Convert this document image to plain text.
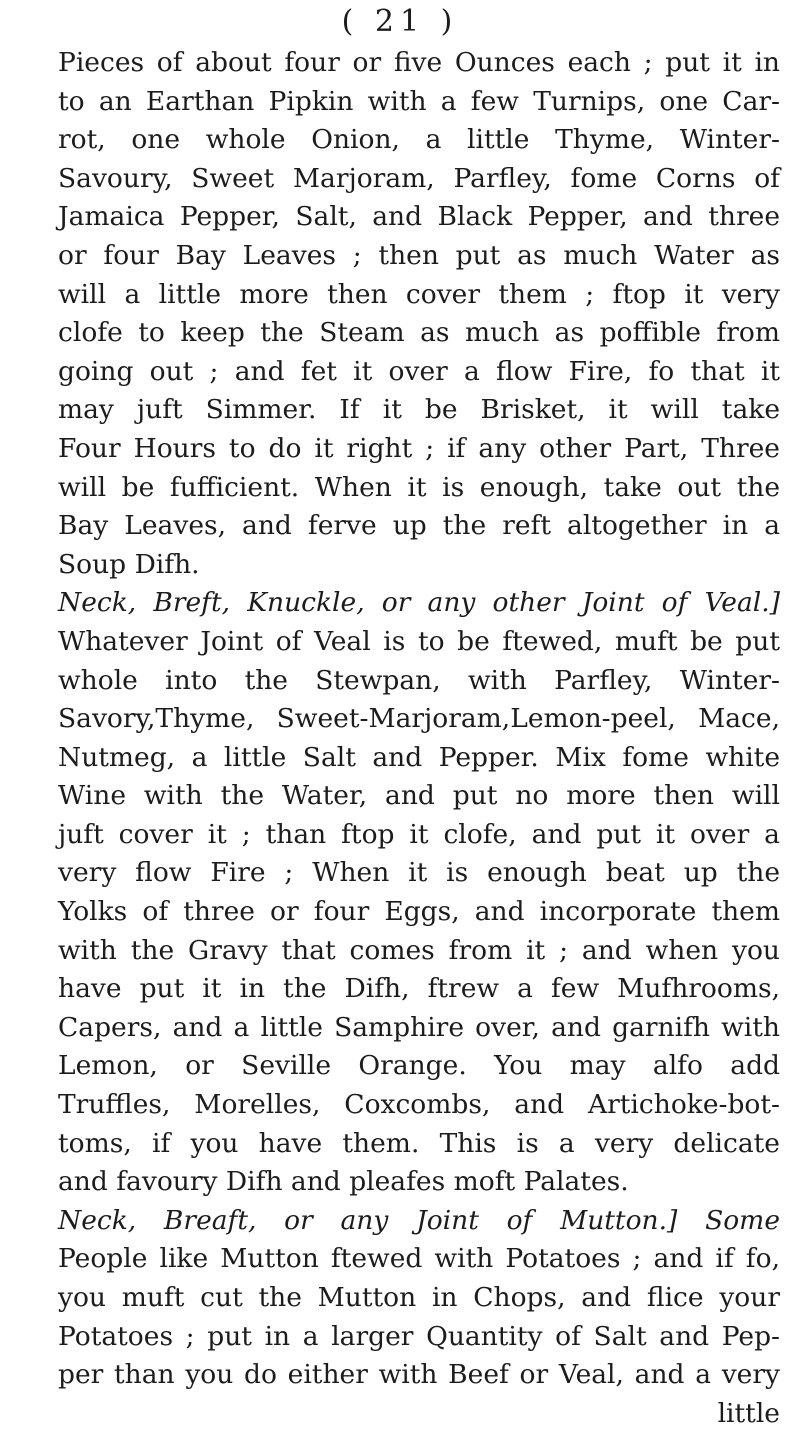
( 21 )
Pieces of about four or five Ounces each ; put it in
to an Earthan Pipkin with a few Turnips, one Car-
rot, one whole Onion, a little Thyme, Winter-
Savoury, Sweet Marjoram, Parfley, fome Corns of
Jamaica Pepper, Salt, and Black Pepper, and three
or four Bay Leaves ; then put as much Water as
will a little more then cover them ; ftop it very
clofe to keep the Steam as much as poffible from
going out ; and fet it over a flow Fire, fo that it
may juft Simmer. If it be Brisket, it will take
Four Hours to do it right ; if any other Part, Three
will be fufficient. When it is enough, take out the
Bay Leaves, and ferve up the reft altogether in a
Soup Difh.
Neck, Breft, Knuckle, or any other Joint of Veal.]
Whatever Joint of Veal is to be ftewed, muft be put
whole into the Stewpan, with Parfley, Winter-
Savory,Thyme, Sweet-Marjoram,Lemon-peel, Mace,
Nutmeg, a little Salt and Pepper. Mix fome white
Wine with the Water, and put no more then will
juft cover it ; than ftop it clofe, and put it over a
very flow Fire ; When it is enough beat up the
Yolks of three or four Eggs, and incorporate them
with the Gravy that comes from it ; and when you
have put it in the Difh, ftrew a few Mufhrooms,
Capers, and a little Samphire over, and garnifh with
Lemon, or Seville Orange. You may alfo add
Truffles, Morelles, Coxcombs, and Artichoke-bot-
toms, if you have them. This is a very delicate
and favoury Difh and pleafes moft Palates.
Neck, Breaft, or any Joint of Mutton.] Some
People like Mutton ftewed with Potatoes ; and if fo,
you muft cut the Mutton in Chops, and flice your
Potatoes ; put in a larger Quantity of Salt and Pep-
per than you do either with Beef or Veal, and a very
little
